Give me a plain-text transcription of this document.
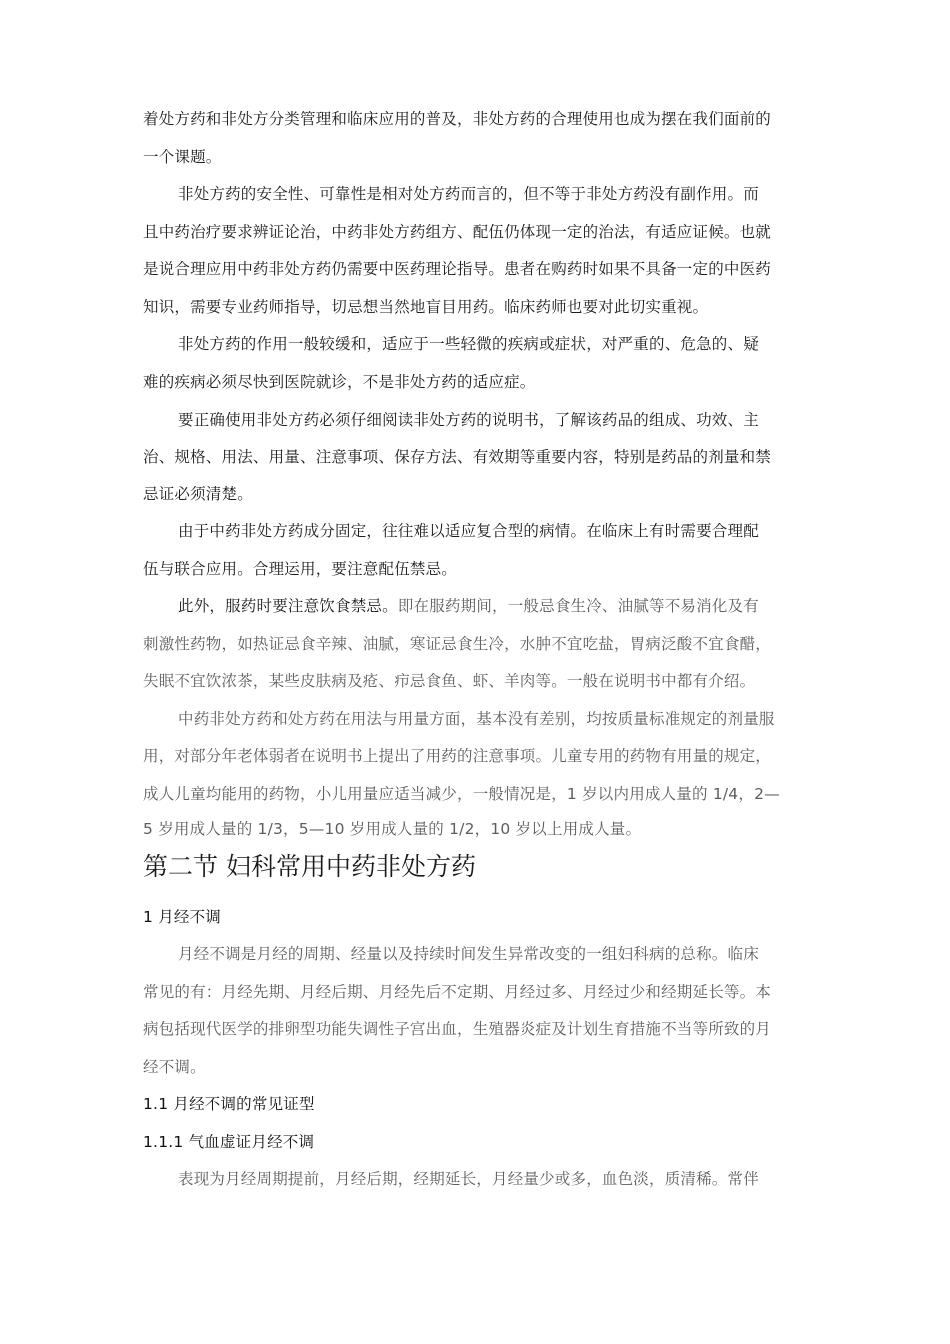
着处方药和非处方分类管理和临床应用的普及，非处方药的合理使用也成为摆在我们面前的
一个课题。
非处方药的安全性、可靠性是相对处方药而言的，但不等于非处方药没有副作用。而
且中药治疗要求辨证论治，中药非处方药组方、配伍仍体现一定的治法，有适应证候。也就
是说合理应用中药非处方药仍需要中医药理论指导。患者在购药时如果不具备一定的中医药
知识，需要专业药师指导，切忌想当然地盲目用药。临床药师也要对此切实重视。
非处方药的作用一般较缓和，适应于一些轻微的疾病或症状，对严重的、危急的、疑
难的疾病必须尽快到医院就诊，不是非处方药的适应症。
要正确使用非处方药必须仔细阅读非处方药的说明书，了解该药品的组成、功效、主
治、规格、用法、用量、注意事项、保存方法、有效期等重要内容，特别是药品的剂量和禁
忌证必须清楚。
由于中药非处方药成分固定，往往难以适应复合型的病情。在临床上有时需要合理配
伍与联合应用。合理运用，要注意配伍禁忌。
此外，服药时要注意饮食禁忌。即在服药期间，一般忌食生冷、油腻等不易消化及有
刺激性药物，如热证忌食辛辣、油腻，寒证忌食生冷，水肿不宜吃盐，胃病泛酸不宜食醋，
失眠不宜饮浓茶，某些皮肤病及疮、疖忌食鱼、虾、羊肉等。一般在说明书中都有介绍。
中药非处方药和处方药在用法与用量方面，基本没有差别，均按质量标准规定的剂量服
用，对部分年老体弱者在说明书上提出了用药的注意事项。儿童专用的药物有用量的规定，
成人儿童均能用的药物，小儿用量应适当减少，一般情况是，1 岁以内用成人量的 1/4，2—
5 岁用成人量的 1/3，5—10 岁用成人量的 1/2，10 岁以上用成人量。
第二节 妇科常用中药非处方药
1 月经不调
月经不调是月经的周期、经量以及持续时间发生异常改变的一组妇科病的总称。临床
常见的有：月经先期、月经后期、月经先后不定期、月经过多、月经过少和经期延长等。本
病包括现代医学的排卵型功能失调性子宫出血，生殖器炎症及计划生育措施不当等所致的月
经不调。
1.1 月经不调的常见证型
1.1.1 气血虚证月经不调
表现为月经周期提前，月经后期，经期延长，月经量少或多，血色淡，质清稀。常伴
